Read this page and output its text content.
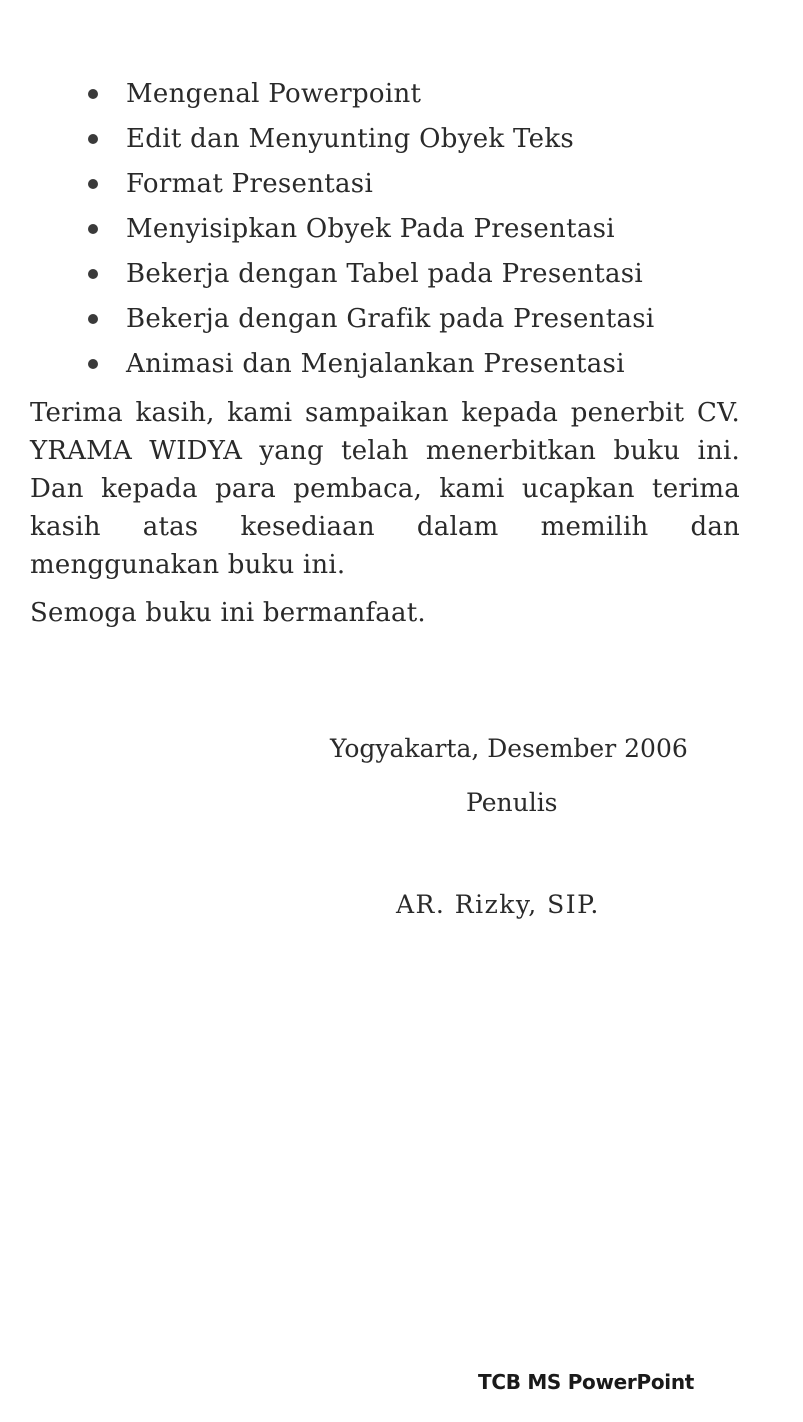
Mengenal Powerpoint
Edit dan Menyunting Obyek Teks
Format Presentasi
Menyisipkan Obyek Pada Presentasi
Bekerja dengan Tabel pada Presentasi
Bekerja dengan Grafik pada Presentasi
Animasi dan Menjalankan Presentasi

Terima kasih, kami sampaikan kepada penerbit CV. YRAMA WIDYA yang telah menerbitkan buku ini. Dan kepada para pembaca, kami ucapkan terima kasih atas kesediaan dalam memilih dan menggunakan buku ini.

Semoga buku ini bermanfaat.

Yogyakarta, Desember 2006
Penulis
AR. Rizky, SIP.
TCB MS PowerPoint
